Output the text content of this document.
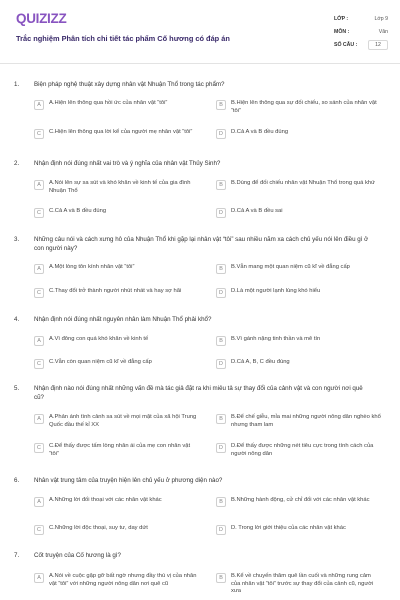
QUIZIZZ
Trắc nghiệm Phân tích chi tiết tác phẩm Cố hương có đáp án
LỚP :	Lớp 9
MÔN :	Văn
SỐ CÂU :	12
1. Biện pháp nghệ thuật xây dựng nhân vật Nhuận Thổ trong tác phẩm?
A	A.Hiện lên thông qua hồi ức của nhân vật “tôi”	B	B.Hiện lên thông qua sự đối chiếu, so sánh của nhân vật “tôi”
C	C.Hiện lên thông qua lời kể của người mẹ nhân vật “tôi”	D	D.Cả A và B đều đúng
2. Nhận định nói đúng nhất vai trò và ý nghĩa của nhân vật Thủy Sinh?
A	A.Nói lên sự sa sút và khó khăn về kinh tế của gia đình Nhuận Thổ
B	B.Dùng để đối chiếu nhân vật Nhuận Thổ trong quá khứ
C	C.Cả A và B đều đúng	D	D.Cả A và B đều sai
3. Những câu nói và cách xưng hô của Nhuận Thổ khi gặp lại nhân vật “tôi” sau nhiều năm xa cách chủ yếu nói lên điều gì ở con người này?
A	A.Một lòng tôn kính nhân vật “tôi”	B	B.Vẫn mang một quan niệm cũ kĩ về đẳng cấp
C	C.Thay đổi trở thành người nhút nhát và hay sợ hãi	D	D.Là một người lạnh lùng khó hiểu
4. Nhận định nói đúng nhất nguyên nhân làm Nhuận Thổ phải khổ?
A	A.Vì đông con quá khó khăn về kinh tế	B	B.Vì gánh nặng tinh thần và mê tín
C	C.Vẫn còn quan niệm cũ kĩ về đẳng cấp	D	D.Cả A, B, C đều đúng
5. Nhận định nào nói đúng nhất những vấn đề mà tác giả đặt ra khi miêu tả sự thay đổi của cảnh vật và con người nơi quê cũ?
A	A.Phản ánh tình cảnh sa sút về mọi mặt của xã hội Trung Quốc đầu thế kỉ XX
B	B.Để chế giễu, mỉa mai những người nông dân nghèo khổ nhưng tham lam
C	C.Để thấy được tấm lòng nhân ái của mẹ con nhân vật “tôi”
D	D.Để thấy được những nét tiêu cực trong tính cách của người nông dân
6. Nhân vật trung tâm của truyện hiện lên chủ yếu ở phương diện nào?
A	A.Những lời đối thoại với các nhân vật khác	B	B.Những hành động, cử chỉ đối với các nhân vật khác
C	C.Những lời độc thoại, suy tư, day dứt	D	D. Trong lời giới thiệu của các nhân vật khác
7. Cốt truyện của Cố hương là gì?
A	A.Nói về cuộc gặp gỡ bất ngờ nhưng đầy thú vị của nhân vật “tôi” với những người nông dân nơi quê cũ
B	B.Kể về chuyến thăm quê lần cuối và những rung cảm của nhân vật “tôi” trước sự thay đổi của cảnh cũ, người xưa
